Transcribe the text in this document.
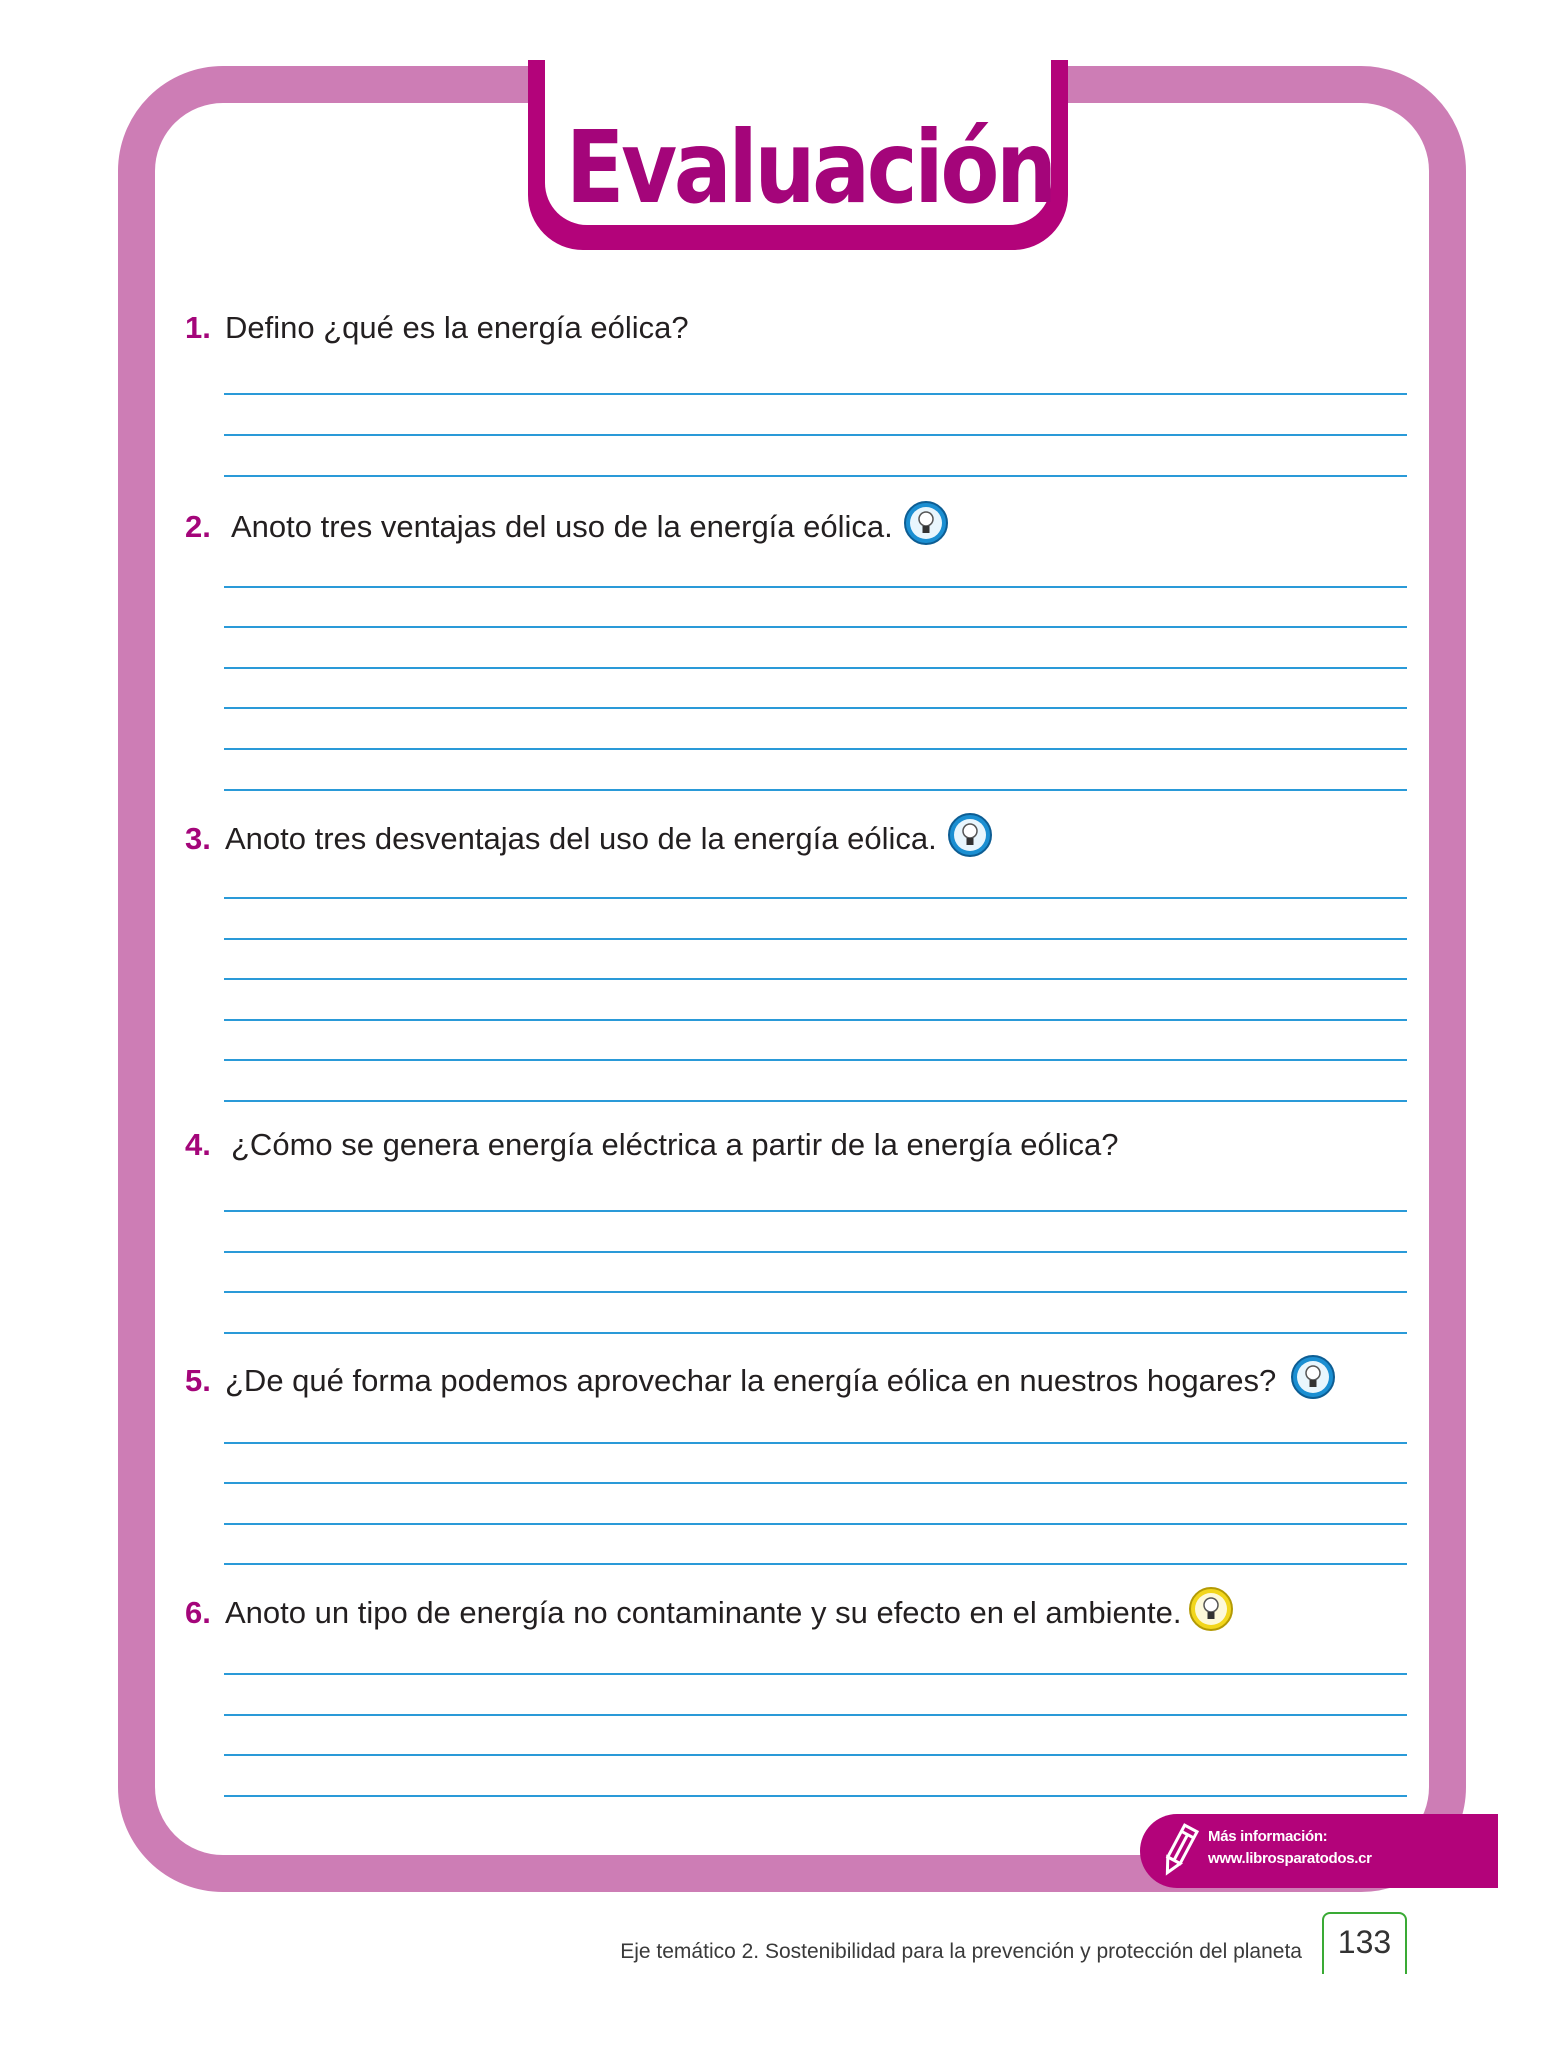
Evaluación
1. Defino ¿qué es la energía eólica?
2. Anoto tres ventajas del uso de la energía eólica.
3. Anoto tres desventajas del uso de la energía eólica.
4. ¿Cómo se genera energía eléctrica a partir de la energía eólica?
5. ¿De qué forma podemos aprovechar la energía eólica en nuestros hogares?
6. Anoto un tipo de energía no contaminante y su efecto en el ambiente.
Más información:
www.librosparatodos.cr
Eje temático 2. Sostenibilidad para la prevención y protección del planeta	133
